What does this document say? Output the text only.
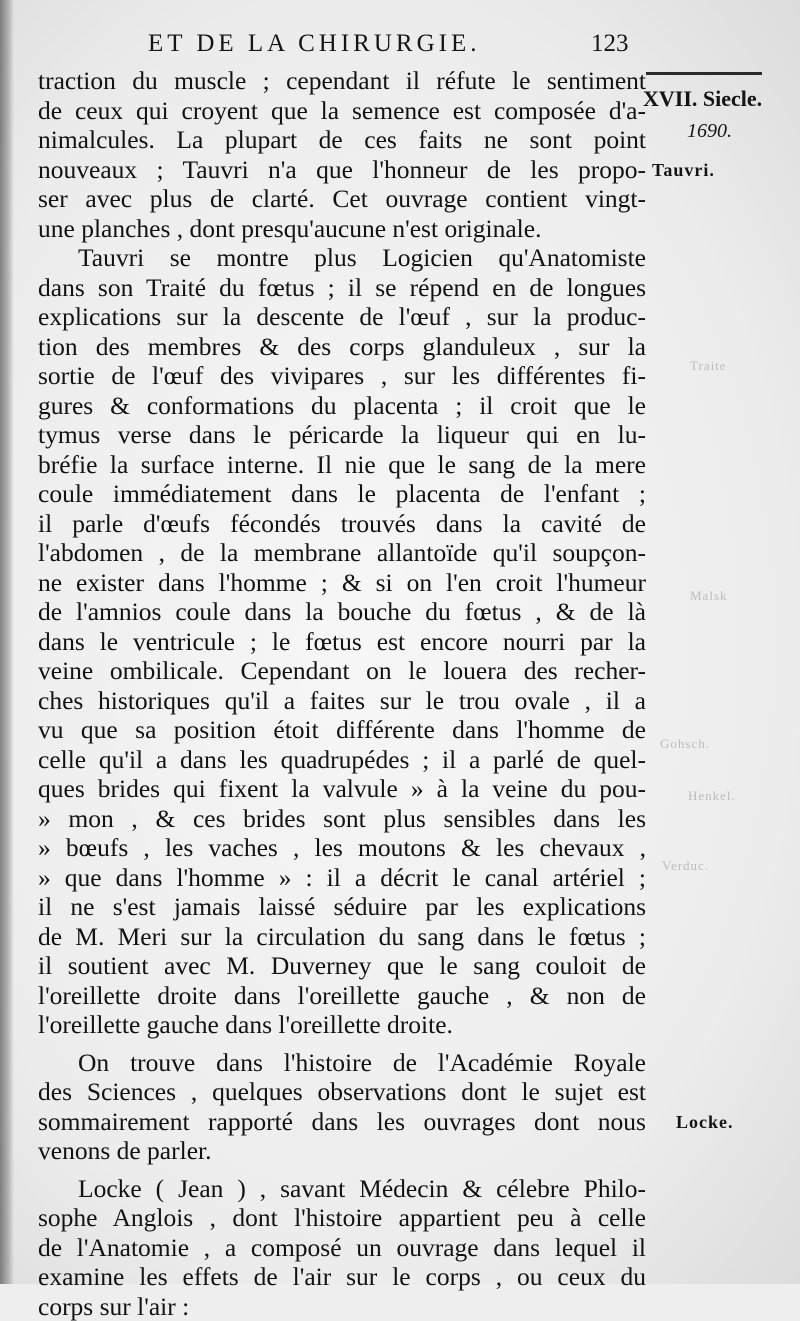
ET DE LA CHIRURGIE.	123
XVII. Siecle.
1690.
Tauvri.
Locke.
Traite
Malsk
Gohsch.
Henkel.
Verduc.
traction du muscle ; cependant il réfute le sentiment
de ceux qui croyent que la semence est composée d'a-
nimalcules. La plupart de ces faits ne sont point
nouveaux ; Tauvri n'a que l'honneur de les propo-
ser avec plus de clarté. Cet ouvrage contient vingt-
une planches , dont presqu'aucune n'est originale.
Tauvri se montre plus Logicien qu'Anatomiste
dans son Traité du fœtus ; il se répend en de longues
explications sur la descente de l'œuf , sur la produc-
tion des membres & des corps glanduleux , sur la
sortie de l'œuf des vivipares , sur les différentes fi-
gures & conformations du placenta ; il croit que le
tymus verse dans le péricarde la liqueur qui en lu-
bréfie la surface interne. Il nie que le sang de la mere
coule immédiatement dans le placenta de l'enfant ;
il parle d'œufs fécondés trouvés dans la cavité de
l'abdomen , de la membrane allantoïde qu'il soupçon-
ne exister dans l'homme ; & si on l'en croit l'humeur
de l'amnios coule dans la bouche du fœtus , & de là
dans le ventricule ; le fœtus est encore nourri par la
veine ombilicale. Cependant on le louera des recher-
ches historiques qu'il a faites sur le trou ovale , il a
vu que sa position étoit différente dans l'homme de
celle qu'il a dans les quadrupédes ; il a parlé de quel-
ques brides qui fixent la valvule » à la veine du pou-
» mon , & ces brides sont plus sensibles dans les
» bœufs , les vaches , les moutons & les chevaux ,
» que dans l'homme » : il a décrit le canal artériel ;
il ne s'est jamais laissé séduire par les explications
de M. Meri sur la circulation du sang dans le fœtus ;
il soutient avec M. Duverney que le sang couloit de
l'oreillette droite dans l'oreillette gauche , & non de
l'oreillette gauche dans l'oreillette droite.
On trouve dans l'histoire de l'Académie Royale
des Sciences , quelques observations dont le sujet est
sommairement rapporté dans les ouvrages dont nous
venons de parler.
Locke ( Jean ) , savant Médecin & célebre Philo-
sophe Anglois , dont l'histoire appartient peu à celle
de l'Anatomie , a composé un ouvrage dans lequel il
examine les effets de l'air sur le corps , ou ceux du
corps sur l'air :
